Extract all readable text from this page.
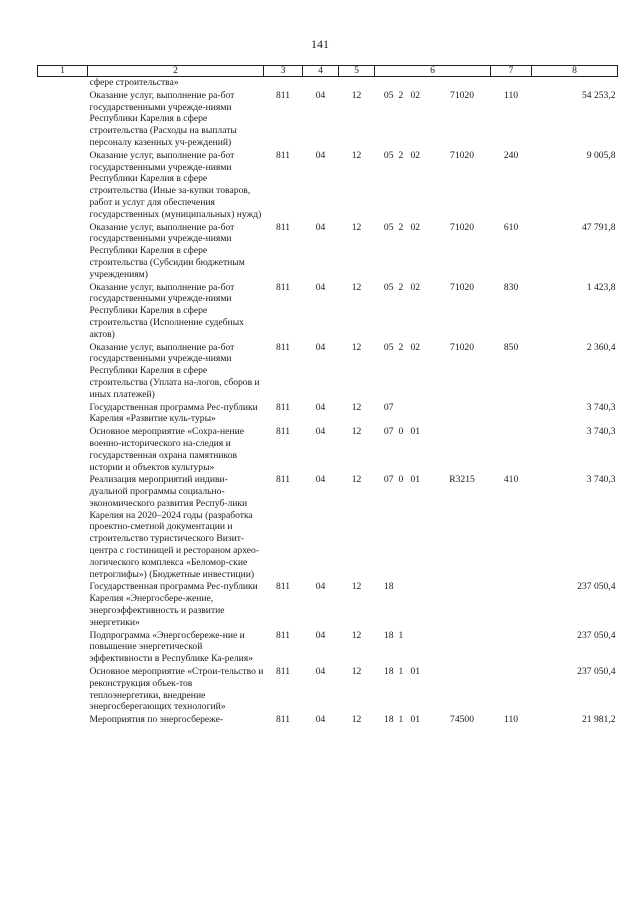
141
1	2	3	4	5	6				7	8
	сфере строительства»									
	Оказание услуг, выполнение ра-бот государственными учрежде-ниями Республики Карелия в сфере строительства (Расходы на выплаты персоналу казенных уч-реждений)	811	04	12	05	2	02	71020	110	54 253,2
	Оказание услуг, выполнение ра-бот государственными учрежде-ниями Республики Карелия в сфере строительства (Иные за-купки товаров, работ и услуг для обеспечения государственных (муниципальных) нужд)	811	04	12	05	2	02	71020	240	9 005,8
	Оказание услуг, выполнение ра-бот государственными учрежде-ниями Республики Карелия в сфере строительства (Субсидии бюджетным учреждениям)	811	04	12	05	2	02	71020	610	47 791,8
	Оказание услуг, выполнение ра-бот государственными учрежде-ниями Республики Карелия в сфере строительства (Исполнение судебных актов)	811	04	12	05	2	02	71020	830	1 423,8
	Оказание услуг, выполнение ра-бот государственными учрежде-ниями Республики Карелия в сфере строительства (Уплата на-логов, сборов и иных платежей)	811	04	12	05	2	02	71020	850	2 360,4
	Государственная программа Рес-публики Карелия «Развитие куль-туры»	811	04	12	07					3 740,3
	Основное мероприятие «Сохра-нение военно-исторического на-следия и государственная охрана памятников истории и объектов культуры»	811	04	12	07	0	01			3 740,3
	Реализация мероприятий индиви-дуальной программы социально-экономического развития Респуб-лики Карелия на 2020–2024 годы (разработка проектно-сметной документации и строительство туристического Визит-центра с гостиницей и рестораном архео-логического комплекса «Беломор-ские петроглифы») (Бюджетные инвестиции)	811	04	12	07	0	01	R3215	410	3 740,3
	Государственная программа Рес-публики Карелия «Энергосбере-жение, энергоэффективность и развитие энергетики»	811	04	12	18					237 050,4
	Подпрограмма «Энергосбереже-ние и повышение энергетической эффективности в Республике Ка-релия»	811	04	12	18	1				237 050,4
	Основное мероприятие «Строи-тельство и реконструкция объек-тов теплоэнергетики, внедрение энергосберегающих технологий»	811	04	12	18	1	01			237 050,4
	Мероприятия по энергосбереже-	811	04	12	18	1	01	74500	110	21 981,2
